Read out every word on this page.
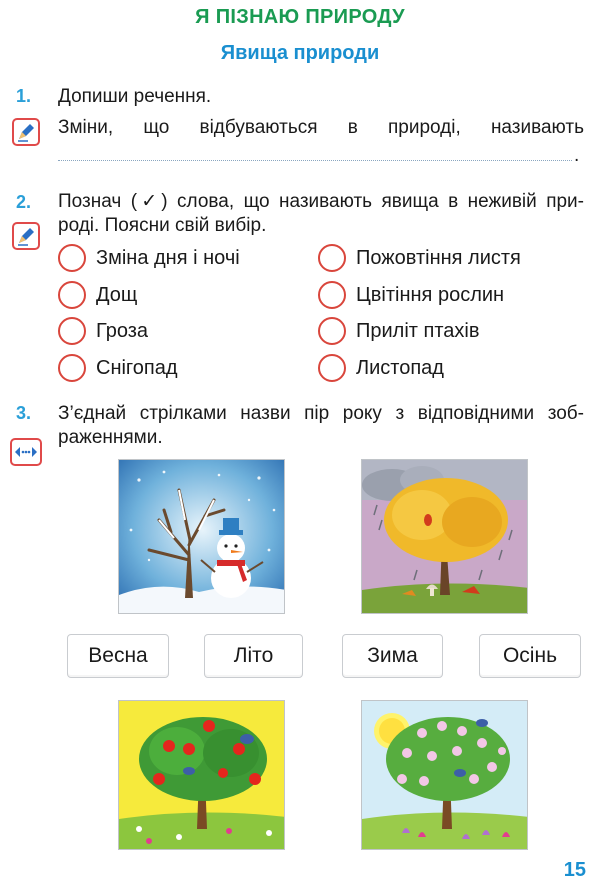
Я ПІЗНАЮ ПРИРОДУ
Явища природи
1. Допиши речення.
Зміни, що відбуваються в природі, називають
.
2. Познач (✓) слова, що називають явища в неживій при-
роді. Поясни свій вибір.
Зміна дня і ночі
Дощ
Гроза
Снігопад
Пожовтіння листя
Цвітіння рослин
Приліт птахів
Листопад
3. З’єднай стрілками назви пір року з відповідними зоб-
раженнями.
Весна	Літо	Зима	Осінь
15
